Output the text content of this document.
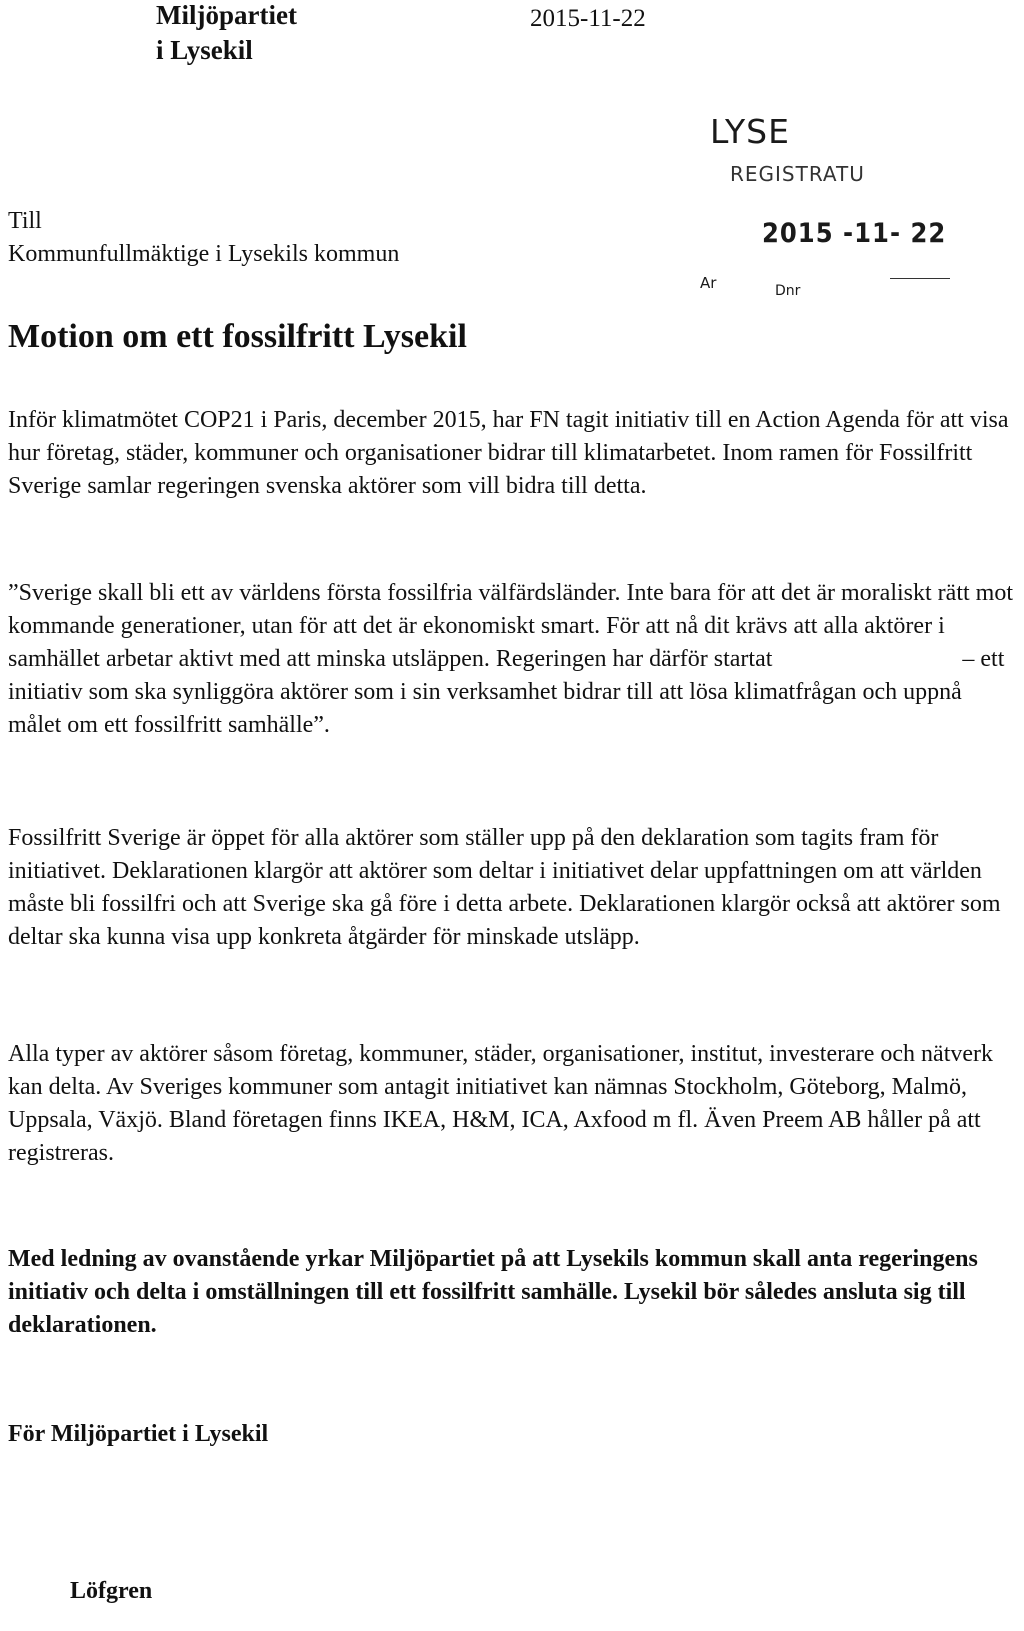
Miljöpartiet
i Lysekil
2015-11-22
LYSE
REGISTRATU
2015 -11- 22
Ar	Dnr
Till
Kommunfullmäktige i Lysekils kommun
Motion om ett fossilfritt Lysekil

Inför klimatmötet COP21 i Paris, december 2015, har FN tagit initiativ till en Action Agenda för att visa hur företag, städer, kommuner och organisationer bidrar till klimatarbetet. Inom ramen för Fossilfritt Sverige samlar regeringen svenska aktörer som vill bidra till detta.

”Sverige skall bli ett av världens första fossilfria välfärdsländer. Inte bara för att det är moraliskt rätt mot kommande generationer, utan för att det är ekonomiskt smart. För att nå dit krävs att alla aktörer i samhället arbetar aktivt med att minska utsläppen. Regeringen har därför startat	– ett initiativ som ska synliggöra aktörer som i sin verksamhet bidrar till att lösa klimatfrågan och uppnå målet om ett fossilfritt samhälle”.

Fossilfritt Sverige är öppet för alla aktörer som ställer upp på den deklaration som tagits fram för initiativet. Deklarationen klargör att aktörer som deltar i initiativet delar uppfattningen om att världen måste bli fossilfri och att Sverige ska gå före i detta arbete. Deklarationen klargör också att aktörer som deltar ska kunna visa upp konkreta åtgärder för minskade utsläpp.

Alla typer av aktörer såsom företag, kommuner, städer, organisationer, institut, investerare och nätverk kan delta. Av Sveriges kommuner som antagit initiativet kan nämnas Stockholm, Göteborg, Malmö, Uppsala, Växjö. Bland företagen finns IKEA, H&M, ICA, Axfood m fl. Även Preem AB håller på att registreras.

Med ledning av ovanstående yrkar Miljöpartiet på att Lysekils kommun skall anta regeringens initiativ och delta i omställningen till ett fossilfritt samhälle. Lysekil bör således ansluta sig till deklarationen.

För Miljöpartiet i Lysekil

Löfgren
